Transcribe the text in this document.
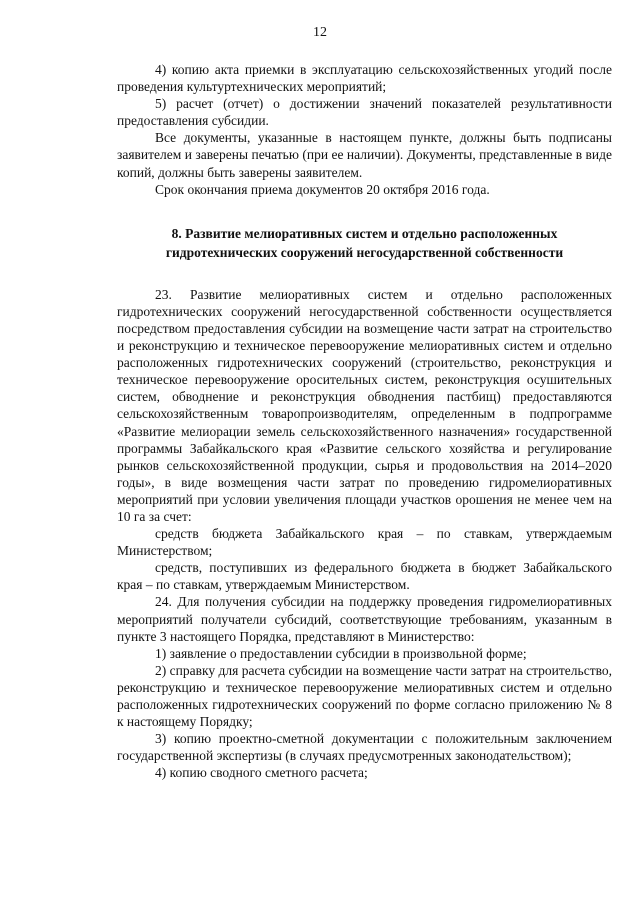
12

4) копию акта приемки в эксплуатацию сельскохозяйственных угодий после проведения культуртехнических мероприятий;

5) расчет (отчет) о достижении значений показателей результативности предоставления субсидии.

Все документы, указанные в настоящем пункте, должны быть подписаны заявителем и заверены печатью (при ее наличии). Документы, представленные в виде копий, должны быть заверены заявителем.

Срок окончания приема документов 20 октября 2016 года.

8. Развитие мелиоративных систем и отдельно расположенных
гидротехнических сооружений негосударственной собственности

23. Развитие мелиоративных систем и отдельно расположенных гидротехнических сооружений негосударственной собственности осуществляется посредством предоставления субсидии на возмещение части затрат на строительство и реконструкцию и техническое перевооружение мелиоративных систем и отдельно расположенных гидротехнических сооружений (строительство, реконструкция и техническое перевооружение оросительных систем, реконструкция осушительных систем, обводнение и реконструкция обводнения пастбищ) предоставляются сельскохозяйственным товаропроизводителям, определенным в подпрограмме «Развитие мелиорации земель сельскохозяйственного назначения» государственной программы Забайкальского края «Развитие сельского хозяйства и регулирование рынков сельскохозяйственной продукции, сырья и продовольствия на 2014–2020 годы», в виде возмещения части затрат по проведению гидромелиоративных мероприятий при условии увеличения площади участков орошения не менее чем на 10 га за счет:

средств бюджета Забайкальского края – по ставкам, утверждаемым Министерством;

средств, поступивших из федерального бюджета в бюджет Забайкальского края – по ставкам, утверждаемым Министерством.

24. Для получения субсидии на поддержку проведения гидромелиоративных мероприятий получатели субсидий, соответствующие требованиям, указанным в пункте 3 настоящего Порядка, представляют в Министерство:

1) заявление о предоставлении субсидии в произвольной форме;

2) справку для расчета субсидии на возмещение части затрат на строительство, реконструкцию и техническое перевооружение мелиоративных систем и отдельно расположенных гидротехнических сооружений по форме согласно приложению № 8 к настоящему Порядку;

3) копию проектно-сметной документации с положительным заключением государственной экспертизы (в случаях предусмотренных законодательством);

4) копию сводного сметного расчета;
